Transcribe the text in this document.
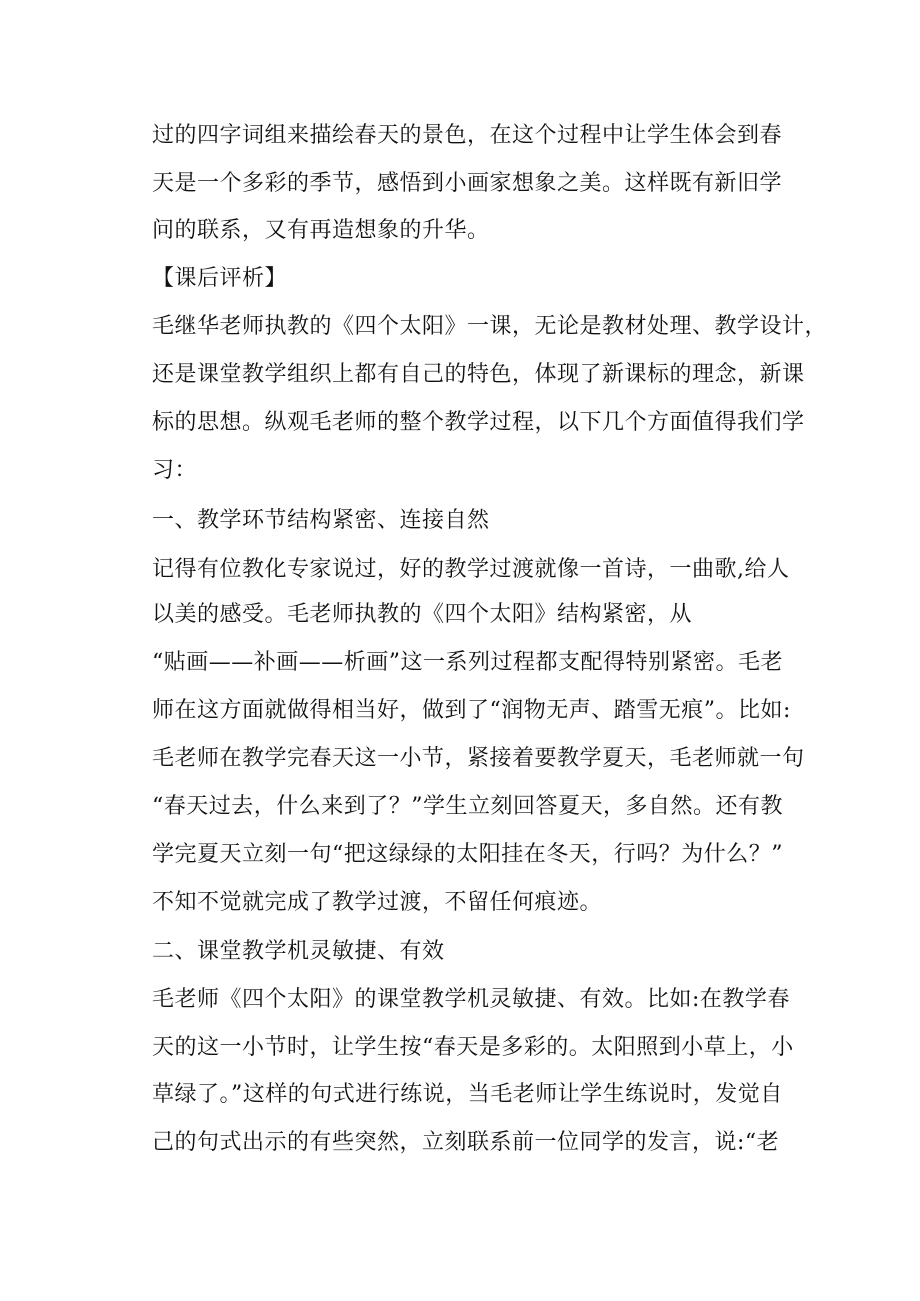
过的四字词组来描绘春天的景色，在这个过程中让学生体会到春
天是一个多彩的季节，感悟到小画家想象之美。这样既有新旧学
问的联系，又有再造想象的升华。
【课后评析】
毛继华老师执教的《四个太阳》一课，无论是教材处理、教学设计，
还是课堂教学组织上都有自己的特色，体现了新课标的理念，新课
标的思想。纵观毛老师的整个教学过程，以下几个方面值得我们学
习：
一、教学环节结构紧密、连接自然
记得有位教化专家说过，好的教学过渡就像一首诗，一曲歌,给人
以美的感受。毛老师执教的《四个太阳》结构紧密，从
“贴画——补画——析画”这一系列过程都支配得特别紧密。毛老
师在这方面就做得相当好，做到了“润物无声、踏雪无痕”。比如:
毛老师在教学完春天这一小节，紧接着要教学夏天，毛老师就一句
“春天过去，什么来到了？”学生立刻回答夏天，多自然。还有教
学完夏天立刻一句“把这绿绿的太阳挂在冬天，行吗？为什么？”
不知不觉就完成了教学过渡，不留任何痕迹。
二、课堂教学机灵敏捷、有效
毛老师《四个太阳》的课堂教学机灵敏捷、有效。比如:在教学春
天的这一小节时，让学生按“春天是多彩的。太阳照到小草上，小
草绿了。”这样的句式进行练说，当毛老师让学生练说时，发觉自
己的句式出示的有些突然，立刻联系前一位同学的发言，说:“老
